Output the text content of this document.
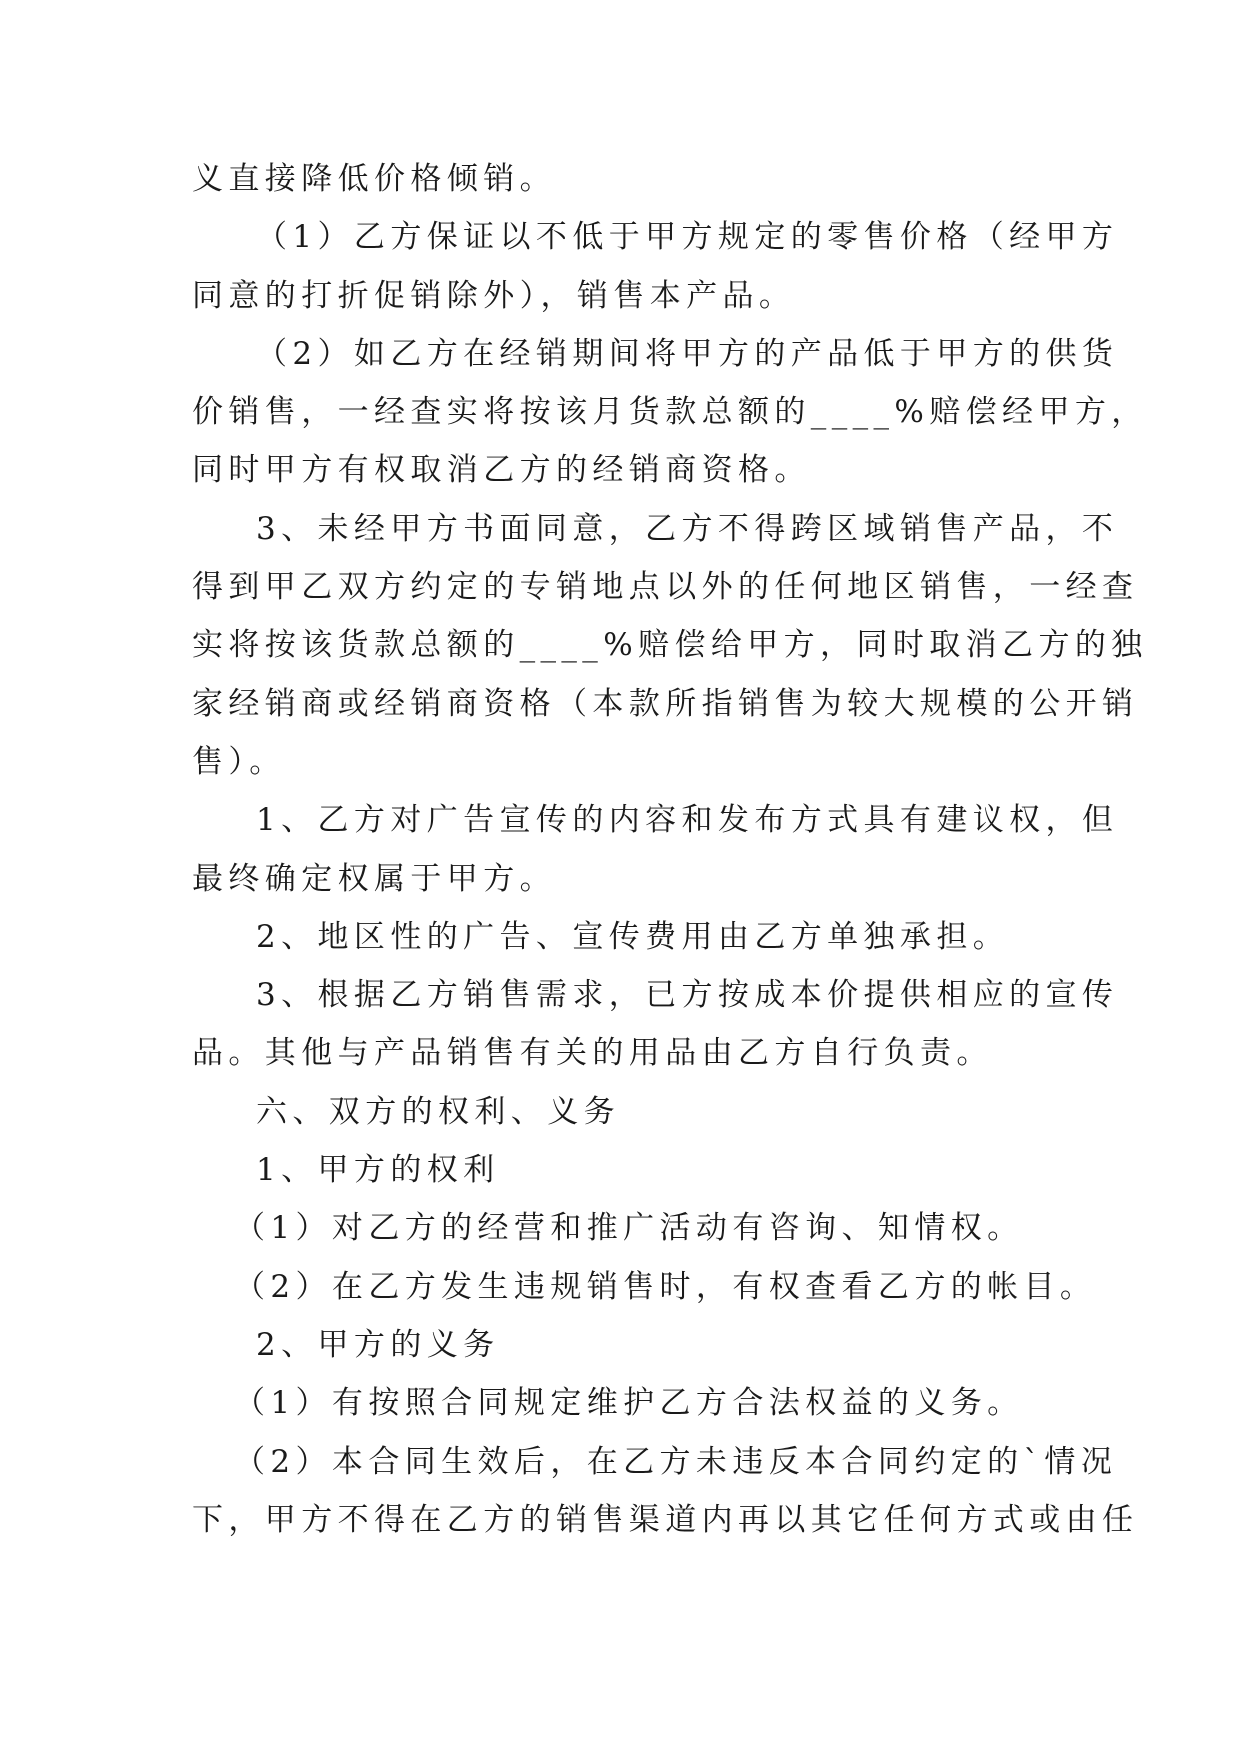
义直接降低价格倾销。
（1）乙方保证以不低于甲方规定的零售价格（经甲方
同意的打折促销除外），销售本产品。
（2）如乙方在经销期间将甲方的产品低于甲方的供货
价销售，一经查实将按该月货款总额的____%赔偿经甲方，
同时甲方有权取消乙方的经销商资格。
3、未经甲方书面同意，乙方不得跨区域销售产品，不
得到甲乙双方约定的专销地点以外的任何地区销售，一经查
实将按该货款总额的____%赔偿给甲方，同时取消乙方的独
家经销商或经销商资格（本款所指销售为较大规模的公开销
售）。
1、乙方对广告宣传的内容和发布方式具有建议权，但
最终确定权属于甲方。
2、地区性的广告、宣传费用由乙方单独承担。
3、根据乙方销售需求，已方按成本价提供相应的宣传
品。其他与产品销售有关的用品由乙方自行负责。
六、双方的权利、义务
1、甲方的权利
（1）对乙方的经营和推广活动有咨询、知情权。
（2）在乙方发生违规销售时，有权查看乙方的帐目。
2、甲方的义务
（1）有按照合同规定维护乙方合法权益的义务。
（2）本合同生效后，在乙方未违反本合同约定的`情况
下，甲方不得在乙方的销售渠道内再以其它任何方式或由任
